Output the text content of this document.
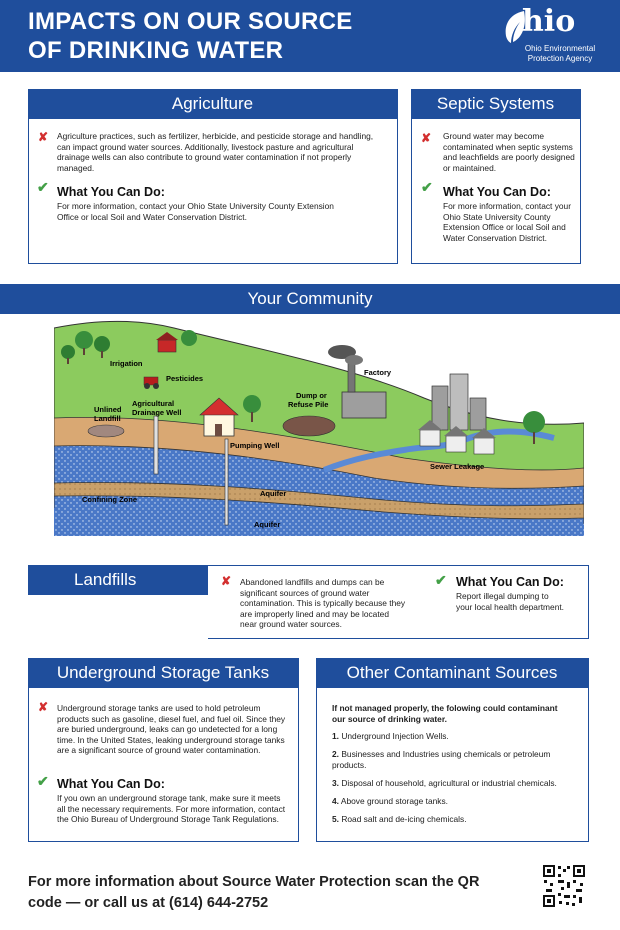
IMPACTS ON OUR SOURCE
OF DRINKING WATER
hio
Ohio Environmental
Protection Agency
Agriculture
✘ Agriculture practices, such as fertilizer, herbicide, and pesticide storage and handling, can impact ground water sources. Additionally, livestock pasture and agricultural drainage wells can also contribute to ground water contamination if not properly managed.
✔ What You Can Do:
For more information, contact your Ohio State University County Extension Office or local Soil and Water Conservation District.
Septic Systems
✘ Ground water may become contaminated when septic systems and leachfields are poorly designed or maintained.
✔ What You Can Do:
For more information, contact your Ohio State University County Extension Office or local Soil and Water Conservation District.
Your Community
Irrigation
Pesticides
Unlined
Landfill
Agricultural
Drainage Well
Factory
Dump or
Refuse Pile
Pumping Well
Sewer Leakage
Confining Zone
Aquifer
Aquifer
Landfills	✘ Abandoned landfills and dumps can be significant sources of ground water contamination. This is typically because they are improperly lined and may be located near ground water sources.
✔ What You Can Do:
Report illegal dumping to your local health department.
Underground Storage Tanks
✘ Underground storage tanks are used to hold petroleum products such as gasoline, diesel fuel, and fuel oil. Since they are buried underground, leaks can go undetected for a long time. In the United States, leaking underground storage tanks are a significant source of ground water contamination.
✔ What You Can Do:
If you own an underground storage tank, make sure it meets all the necessary requirements. For more information, contact the Ohio Bureau of Underground Storage Tank Regulations.
Other Contaminant Sources
If not managed properly, the folowing could contaminant our source of drinking water.
1. Underground Injection Wells.
2. Businesses and Industries using chemicals or petroleum products.
3. Disposal of household, agricultural or industrial chemicals.
4. Above ground storage tanks.
5. Road salt and de-icing chemicals.
For more information about Source Water Protection scan the QR code — or call us at (614) 644-2752
